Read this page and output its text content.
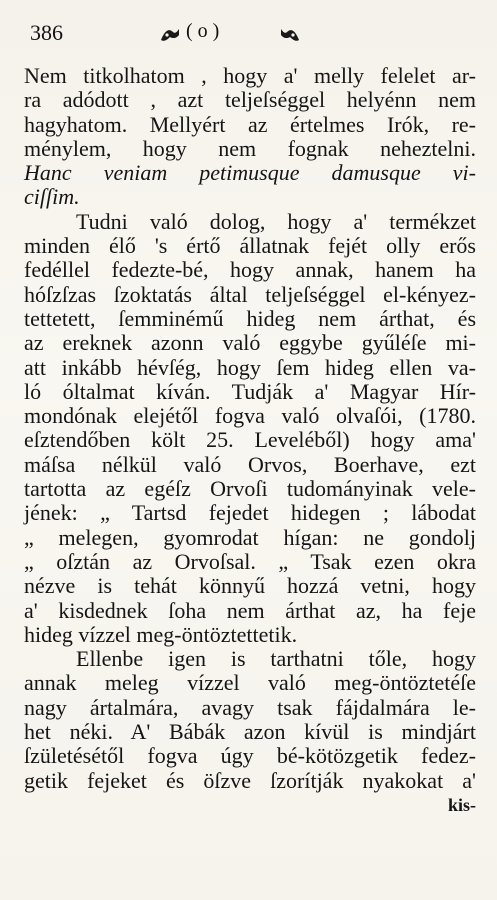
386	( o )
Nem titkolhatom , hogy a' melly felelet ar-
ra adódott , azt teljeſséggel helyénn nem
hagyhatom. Mellyért az értelmes Irók, re-
ménylem, hogy nem fognak neheztelni.
Hanc veniam petimusque damusque vi-
ciſſim.
Tudni való dolog, hogy a' termékzet
minden élő 's értő állatnak fejét olly erős
fedéllel fedezte-bé, hogy annak, hanem ha
hóſzſzas ſzoktatás által teljeſséggel el-kényez-
tettetett, ſemminémű hideg nem árthat, és
az ereknek azonn való eggybe gyűléſe mi-
att inkább hévſég, hogy ſem hideg ellen va-
ló óltalmat kíván. Tudják a' Magyar Hír-
mondónak elejétől fogva való olvaſói, (1780.
eſztendőben költ 25. Leveléből) hogy ama'
máſsa nélkül való Orvos, Boerhave, ezt
tartotta az egéſz Orvoſi tudományinak vele-
jének: „ Tartsd fejedet hidegen ; lábodat
„ melegen, gyomrodat hígan: ne gondolj
„ oſztán az Orvoſsal. „ Tsak ezen okra
nézve is tehát könnyű hozzá vetni, hogy
a' kisdednek ſoha nem árthat az, ha feje
hideg vízzel meg-öntöztettetik.
Ellenbe igen is tarthatni tőle, hogy
annak meleg vízzel való meg-öntöztetéſe
nagy ártalmára, avagy tsak fájdalmára le-
het néki. A' Bábák azon kívül is mindjárt
ſzületésétől fogva úgy bé-kötözgetik fedez-
getik fejeket és öſzve ſzorítják nyakokat a'
kis-
